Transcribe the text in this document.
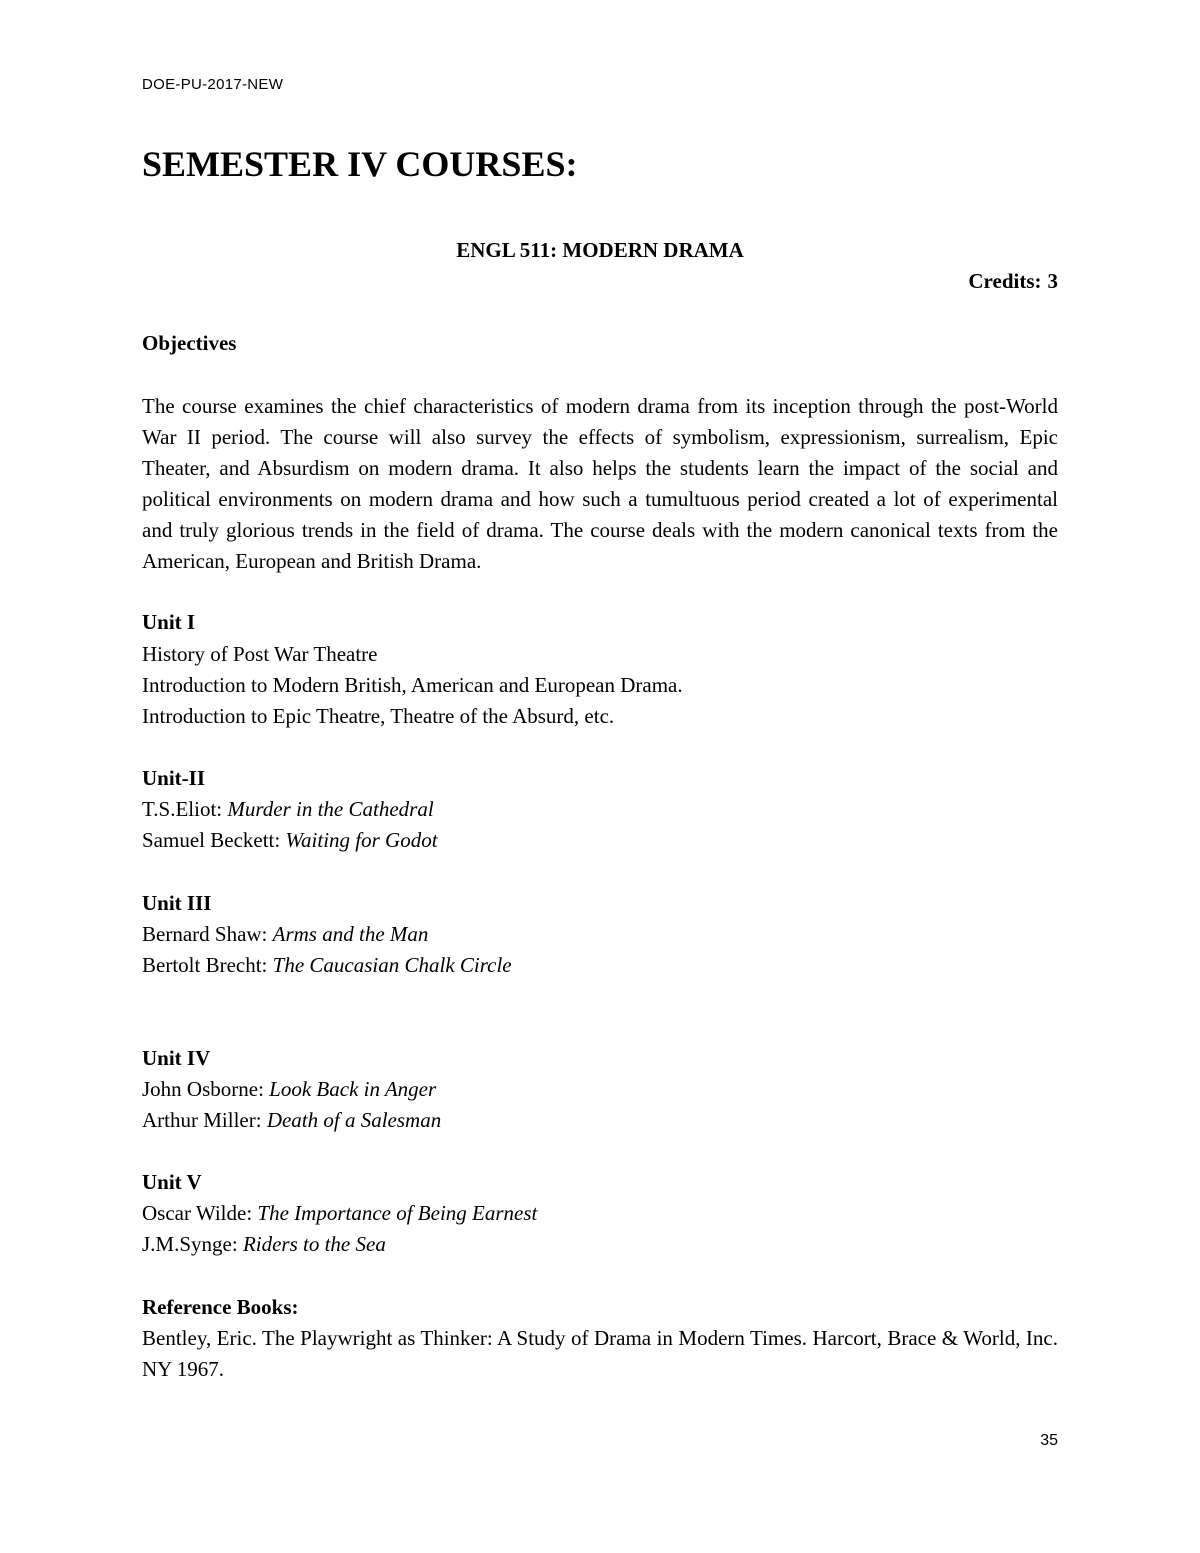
DOE-PU-2017-NEW
SEMESTER IV COURSES:
ENGL 511: MODERN DRAMA
Credits: 3
Objectives

The course examines the chief characteristics of modern drama from its inception through the post-World War II period. The course will also survey the effects of symbolism, expressionism, surrealism, Epic Theater, and Absurdism on modern drama. It also helps the students learn the impact of the social and political environments on modern drama and how such a tumultuous period created a lot of experimental and truly glorious trends in the field of drama. The course deals with the modern canonical texts from the American, European and British Drama.

Unit I
History of Post War Theatre
Introduction to Modern British, American and European Drama.
Introduction to Epic Theatre, Theatre of the Absurd, etc.
Unit-II
T.S.Eliot: Murder in the Cathedral
Samuel Beckett: Waiting for Godot
Unit III
Bernard Shaw: Arms and the Man
Bertolt Brecht: The Caucasian Chalk Circle
Unit IV
John Osborne: Look Back in Anger
Arthur Miller: Death of a Salesman
Unit V
Oscar Wilde: The Importance of Being Earnest
J.M.Synge: Riders to the Sea
Reference Books:

Bentley, Eric. The Playwright as Thinker: A Study of Drama in Modern Times. Harcort, Brace & World, Inc. NY 1967.

35
